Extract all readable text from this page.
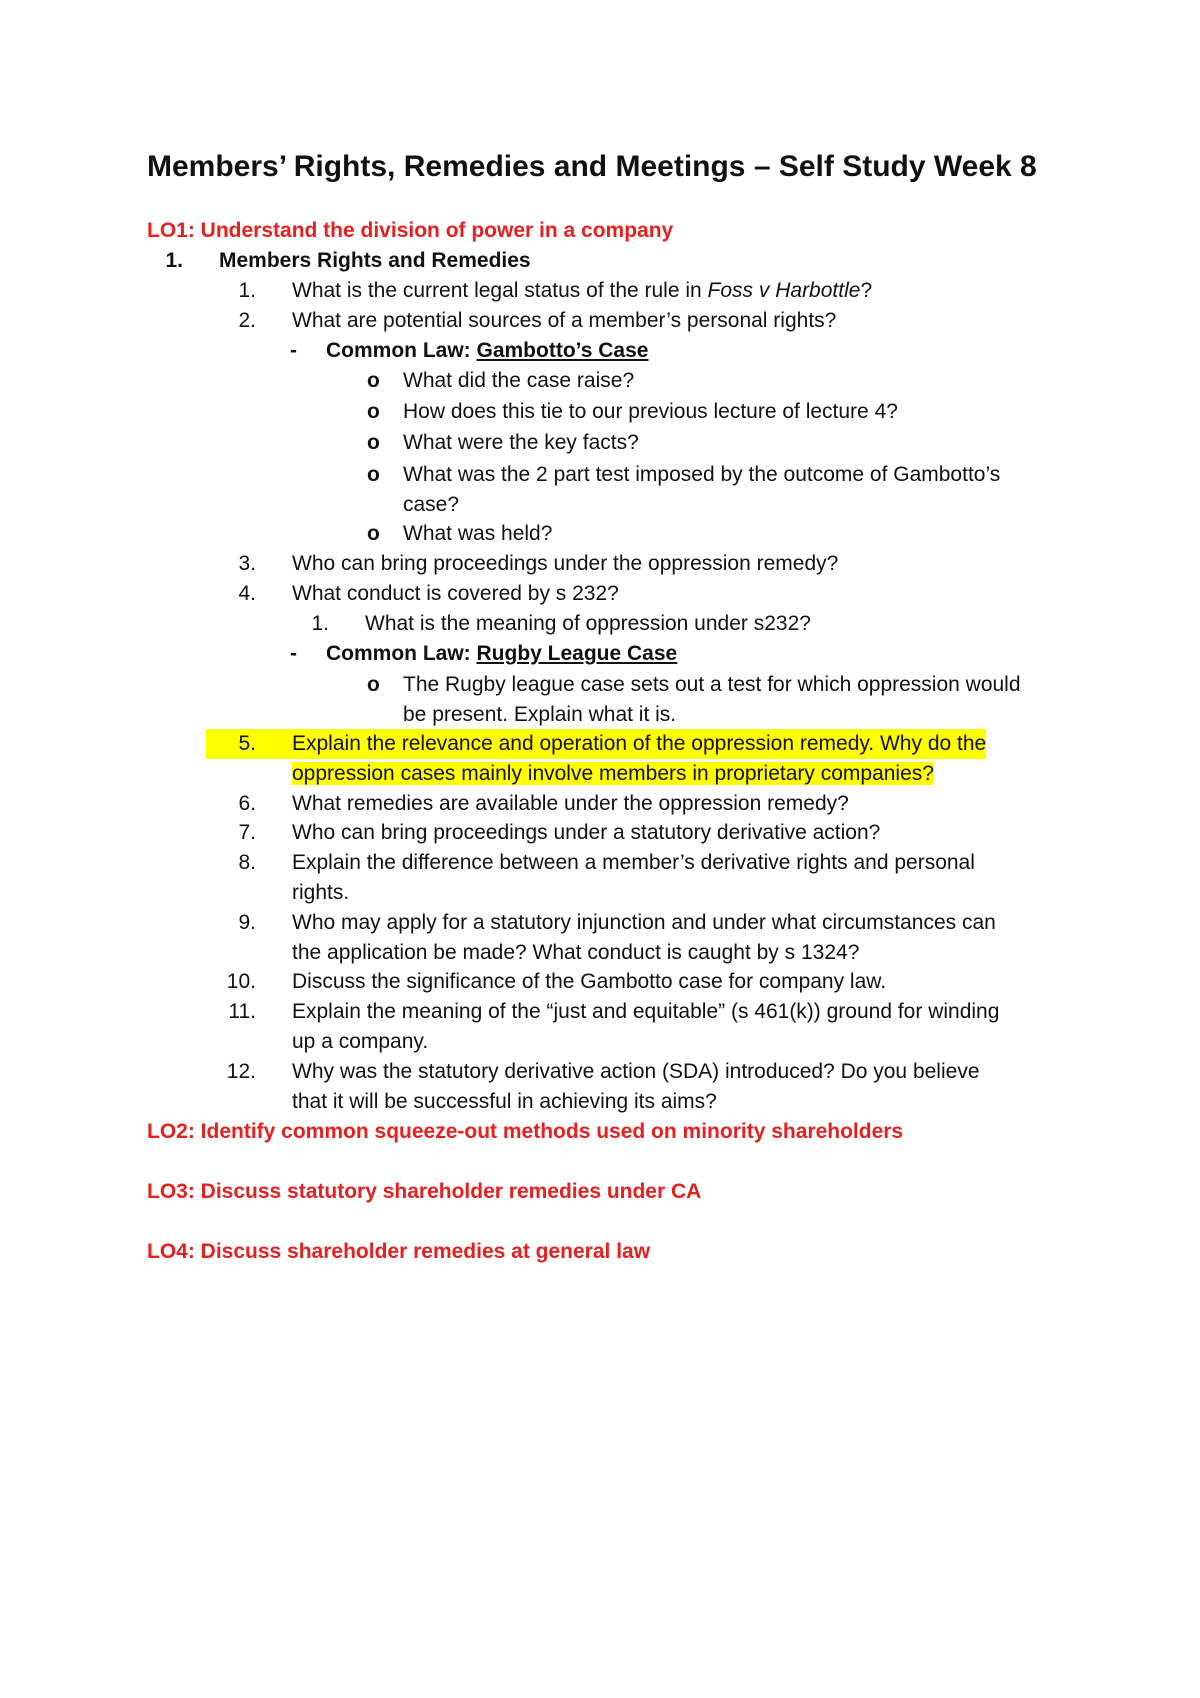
Members’ Rights, Remedies and Meetings – Self Study Week 8
LO1: Understand the division of power in a company
1. Members Rights and Remedies
1. What is the current legal status of the rule in Foss v Harbottle?
2. What are potential sources of a member’s personal rights?
-	Common Law: Gambotto’s Case
o	What did the case raise?
o	How does this tie to our previous lecture of lecture 4?
o	What were the key facts?
o	What was the 2 part test imposed by the outcome of Gambotto’s
case?
o	What was held?
3. Who can bring proceedings under the oppression remedy?
4. What conduct is covered by s 232?
1. What is the meaning of oppression under s232?
-	Common Law: Rugby League Case
o	The Rugby league case sets out a test for which oppression would
be present. Explain what it is.
5.	Explain the relevance and operation of the oppression remedy. Why do the
oppression cases mainly involve members in proprietary companies?
6. What remedies are available under the oppression remedy?
7. Who can bring proceedings under a statutory derivative action?
8. Explain the difference between a member’s derivative rights and personal
rights.
9. Who may apply for a statutory injunction and under what circumstances can
the application be made? What conduct is caught by s 1324?
10. Discuss the significance of the Gambotto case for company law.
11. Explain the meaning of the “just and equitable” (s 461(k)) ground for winding
up a company.
12. Why was the statutory derivative action (SDA) introduced? Do you believe
that it will be successful in achieving its aims?
LO2: Identify common squeeze-out methods used on minority shareholders
LO3: Discuss statutory shareholder remedies under CA
LO4: Discuss shareholder remedies at general law
